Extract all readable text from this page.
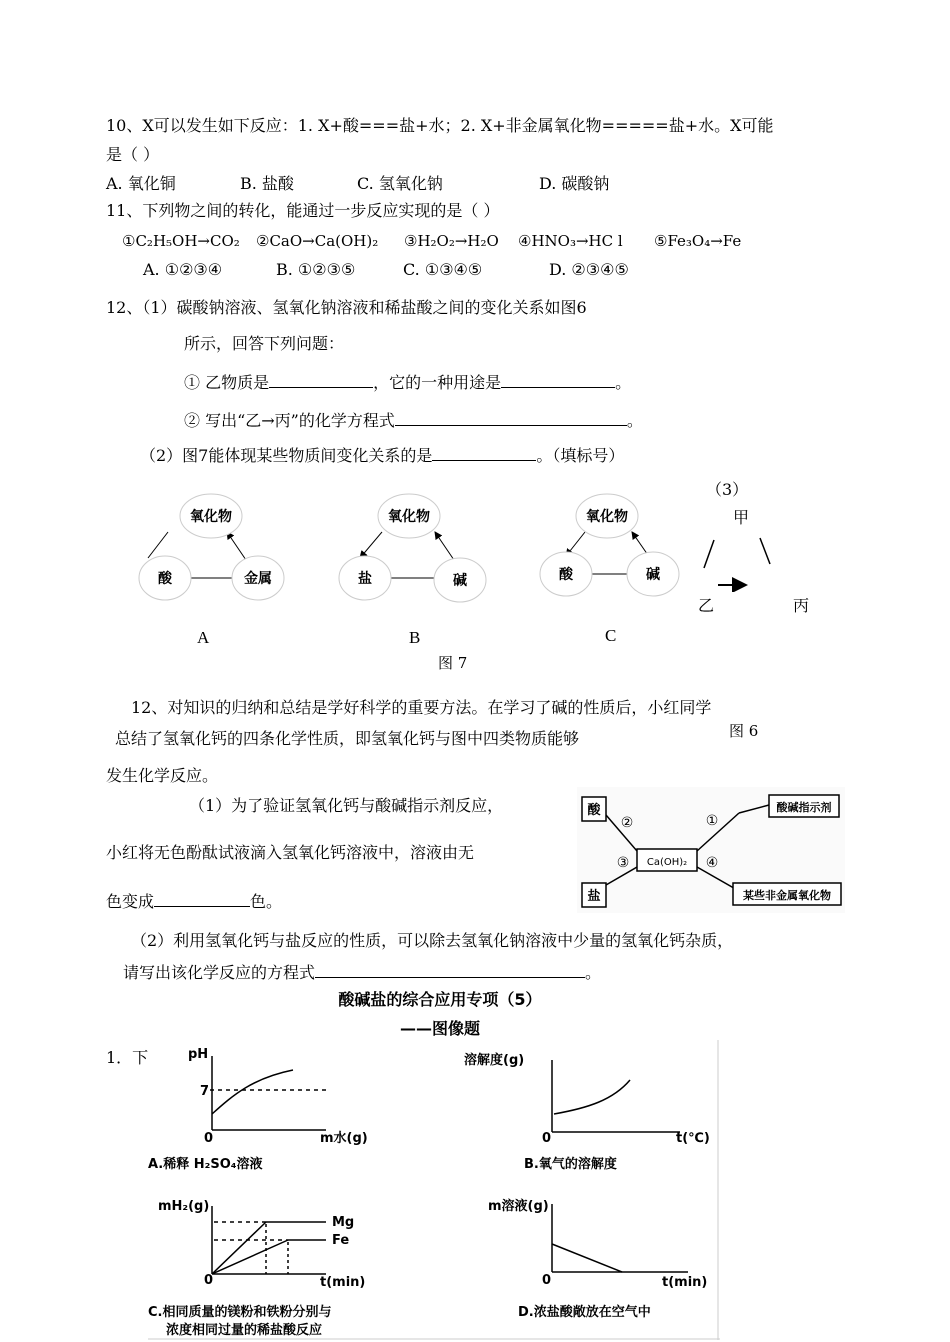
10、X可以发生如下反应：1. X+酸===盐+水；2. X+非金属氧化物=====盐+水。X可能
是（ ）
A. 氧化铜	B. 盐酸	C. 氢氧化钠	D. 碳酸钠
11、下列物之间的转化，能通过一步反应实现的是（ ）
①C₂H₅OH→CO₂ ②CaO→Ca(OH)₂ ③H₂O₂→H₂O ④HNO₃→HC l ⑤Fe₃O₄→Fe
A. ①②③④	B. ①②③⑤	C. ①③④⑤	D. ②③④⑤
12、（1）碳酸钠溶液、氢氧化钠溶液和稀盐酸之间的变化关系如图6
所示，回答下列问题：
① 乙物质是	，它的一种用途是	。
② 写出“乙→丙”的化学方程式	。
（2）图7能体现某些物质间变化关系的是	。（填标号）
氧化物
酸	金属
氧化物
盐	碱
氧化物
酸	碱
A	B	C
图 7
（3）
甲
乙	丙
图 6
12、对知识的归纳和总结是学好科学的重要方法。在学习了碱的性质后，小红同学
总结了氢氧化钙的四条化学性质，即氢氧化钙与图中四类物质能够
发生化学反应。
（1）为了验证氢氧化钙与酸碱指示剂反应，
小红将无色酚酞试液滴入氢氧化钙溶液中，溶液由无
色变成	色。
（2）利用氢氧化钙与盐反应的性质，可以除去氢氧化钠溶液中少量的氢氧化钙杂质，
请写出该化学反应的方程式	。
酸
盐
Ca(OH)₂
酸碱指示剂
某些非金属氧化物
②	①
③	④
酸碱盐的综合应用专项（5）
——图像题
1．下	pH
7
0	m水(g)
A.稀释 H₂SO₄溶液
溶解度(g)
0	t(℃)
B.氧气的溶解度
mH₂(g)
Mg
Fe
0	t(min)
C.相同质量的镁粉和铁粉分别与
浓度相同过量的稀盐酸反应
m溶液(g)
0	t(min)
D.浓盐酸敞放在空气中
